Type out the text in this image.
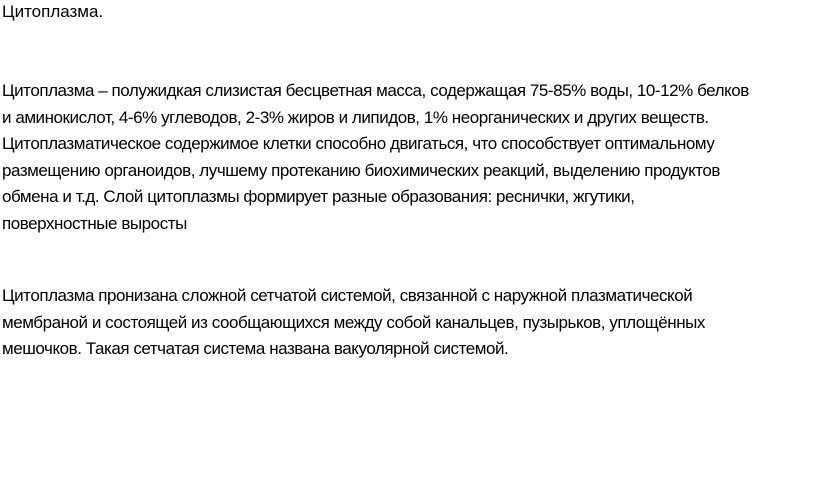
Цитоплазма.

Цитоплазма – полужидкая слизистая бесцветная масса, содержащая 75-85% воды, 10-12% белков
и аминокислот, 4-6% углеводов, 2-3% жиров и липидов, 1% неорганических и других веществ.
Цитоплазматическое содержимое клетки способно двигаться, что способствует оптимальному
размещению органоидов, лучшему протеканию биохимических реакций, выделению продуктов
обмена и т.д. Слой цитоплазмы формирует разные образования: реснички, жгутики,
поверхностные выросты

Цитоплазма пронизана сложной сетчатой системой, связанной с наружной плазматической
мембраной и состоящей из сообщающихся между собой канальцев, пузырьков, уплощённых
мешочков. Такая сетчатая система названа вакуолярной системой.
